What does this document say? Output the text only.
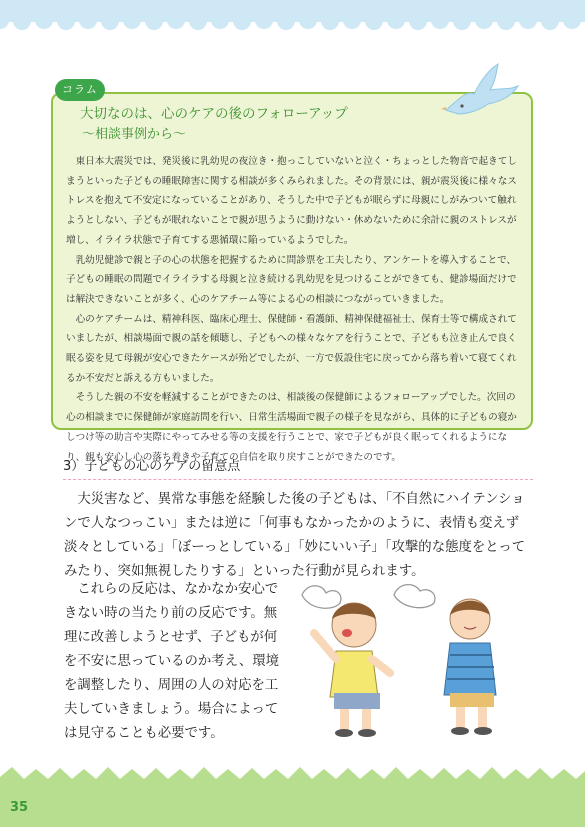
コラム
大切なのは、心のケアの後のフォローアップ
〜相談事例から〜

東日本大震災では、発災後に乳幼児の夜泣き・抱っこしていないと泣く・ちょっとした物音で起きてしまうといった子どもの睡眠障害に関する相談が多くみられました。その背景には、親が震災後に様々なストレスを抱えて不安定になっていることがあり、そうした中で子どもが眠らずに母親にしがみついて触れようとしない、子どもが眠れないことで親が思うように動けない・休めないために余計に親のストレスが増し、イライラ状態で子育てする悪循環に陥っているようでした。

乳幼児健診で親と子の心の状態を把握するために問診票を工夫したり、アンケートを導入することで、子どもの睡眠の問題でイライラする母親と泣き続ける乳幼児を見つけることができても、健診場面だけでは解決できないことが多く、心のケアチーム等による心の相談につながっていきました。

心のケアチームは、精神科医、臨床心理士、保健師・看護師、精神保健福祉士、保育士等で構成されていましたが、相談場面で親の話を傾聴し、子どもへの様々なケアを行うことで、子どもも泣き止んで良く眠る姿を見て母親が安心できたケースが殆どでしたが、一方で仮設住宅に戻ってから落ち着いて寝てくれるか不安だと訴える方もいました。

そうした親の不安を軽減することができたのは、相談後の保健師によるフォローアップでした。次回の心の相談までに保健師が家庭訪問を行い、日常生活場面で親子の様子を見ながら、具体的に子どもの寝かしつけ等の助言や実際にやってみせる等の支援を行うことで、家で子どもが良く眠ってくれるようになり、親も安心し心の落ち着きや子育ての自信を取り戻すことができたのです。

3）子どもの心のケアの留意点

大災害など、異常な事態を経験した後の子どもは、「不自然にハイテンションで人なつっこい」または逆に「何事もなかったかのように、表情も変えず淡々としている」「ぼーっとしている」「妙にいい子」「攻撃的な態度をとってみたり、突如無視したりする」といった行動が見られます。

これらの反応は、なかなか安心できない時の当たり前の反応です。無理に改善しようとせず、子どもが何を不安に思っているのか考え、環境を調整したり、周囲の人の対応を工夫していきましょう。場合によっては見守ることも必要です。

35
